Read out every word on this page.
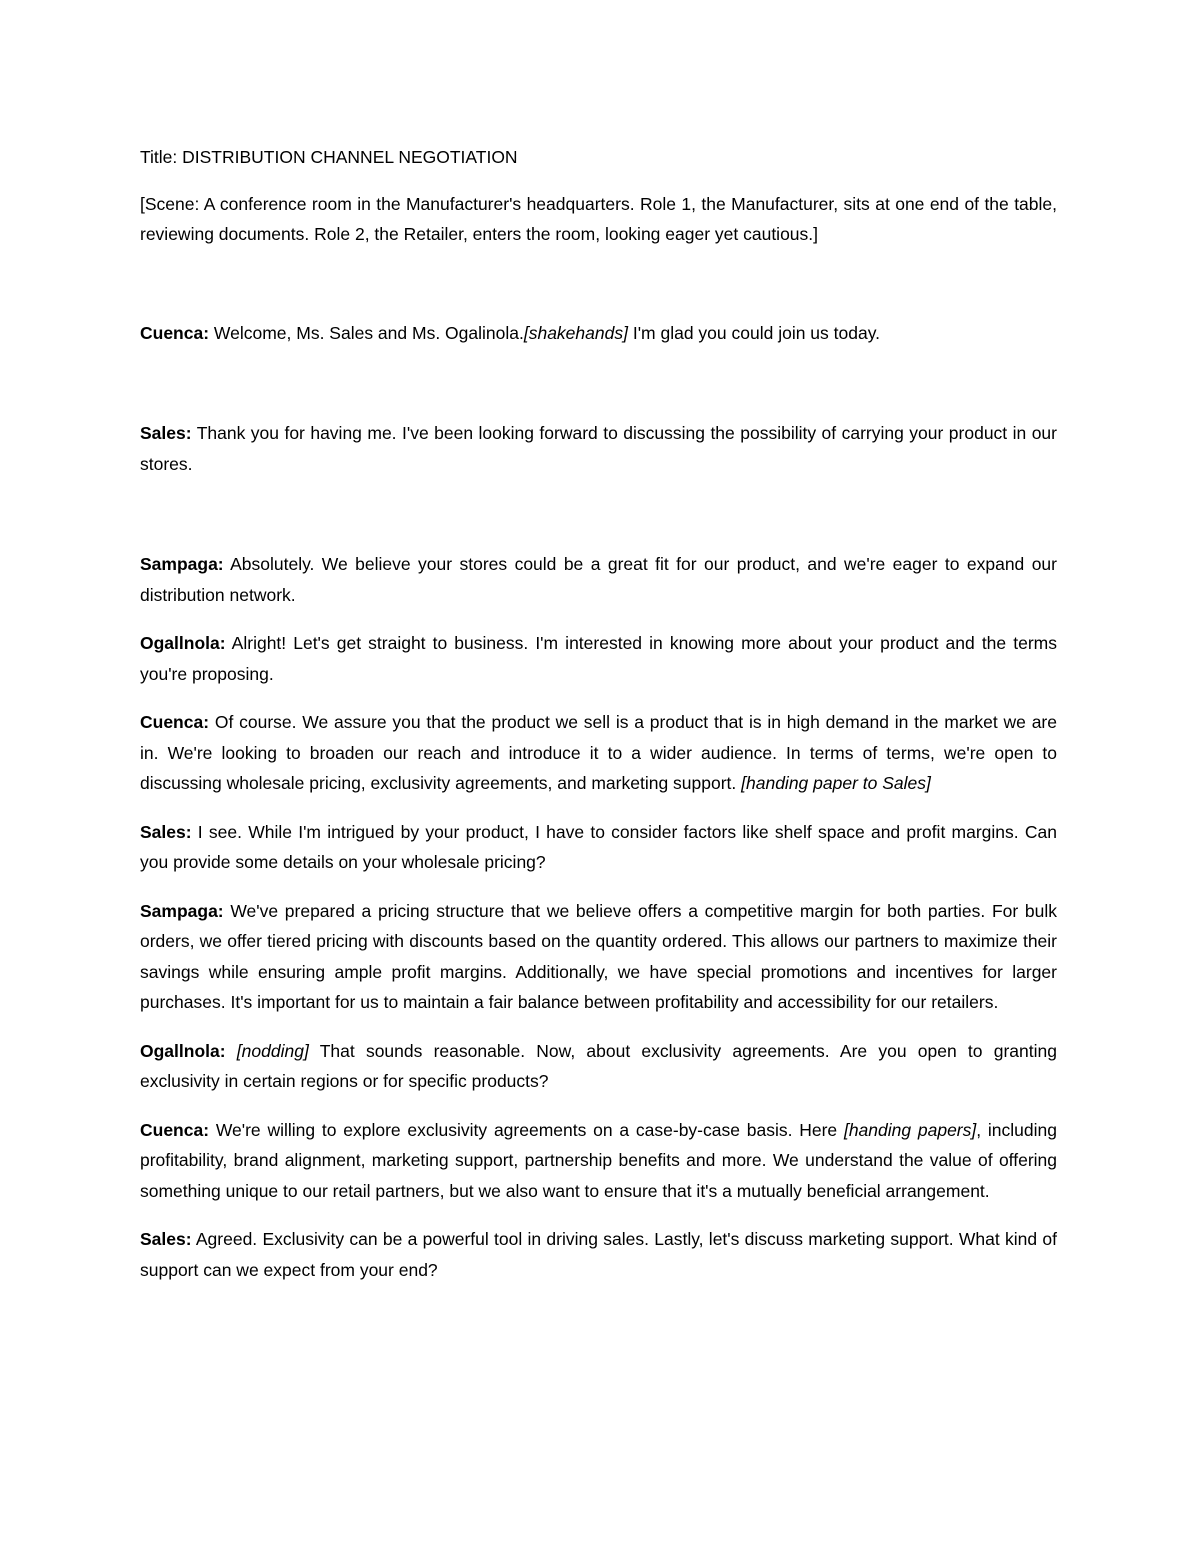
Title: DISTRIBUTION CHANNEL NEGOTIATION

[Scene: A conference room in the Manufacturer's headquarters. Role 1, the Manufacturer, sits at one end of the table, reviewing documents. Role 2, the Retailer, enters the room, looking eager yet cautious.]

Cuenca: Welcome, Ms. Sales and Ms. Ogalinola.[shakehands] I'm glad you could join us today.

Sales: Thank you for having me. I've been looking forward to discussing the possibility of carrying your product in our stores.

Sampaga: Absolutely. We believe your stores could be a great fit for our product, and we're eager to expand our distribution network.

Ogallnola: Alright! Let's get straight to business. I'm interested in knowing more about your product and the terms you're proposing.

Cuenca: Of course. We assure you that the product we sell is a product that is in high demand in the market we are in. We're looking to broaden our reach and introduce it to a wider audience. In terms of terms, we're open to discussing wholesale pricing, exclusivity agreements, and marketing support. [handing paper to Sales]

Sales: I see. While I'm intrigued by your product, I have to consider factors like shelf space and profit margins. Can you provide some details on your wholesale pricing?

Sampaga: We've prepared a pricing structure that we believe offers a competitive margin for both parties. For bulk orders, we offer tiered pricing with discounts based on the quantity ordered. This allows our partners to maximize their savings while ensuring ample profit margins. Additionally, we have special promotions and incentives for larger purchases. It's important for us to maintain a fair balance between profitability and accessibility for our retailers.

Ogallnola: [nodding] That sounds reasonable. Now, about exclusivity agreements. Are you open to granting exclusivity in certain regions or for specific products?

Cuenca: We're willing to explore exclusivity agreements on a case-by-case basis. Here [handing papers], including profitability, brand alignment, marketing support, partnership benefits and more. We understand the value of offering something unique to our retail partners, but we also want to ensure that it's a mutually beneficial arrangement.

Sales: Agreed. Exclusivity can be a powerful tool in driving sales. Lastly, let's discuss marketing support. What kind of support can we expect from your end?
